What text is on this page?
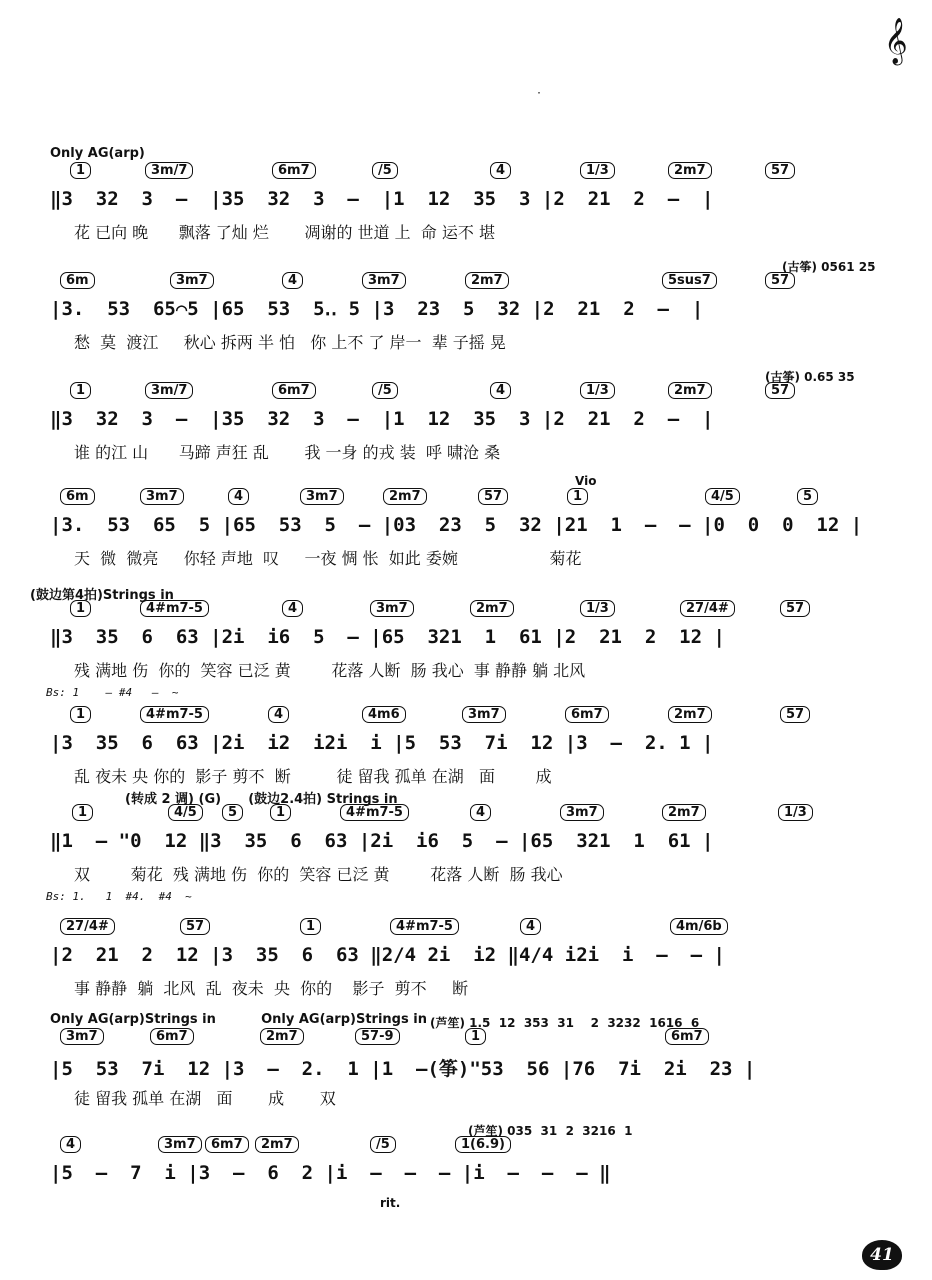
𝄞
·
41
Only AG(arp)
1	3m/7	6m7	/5	4	1/3	2m7	57
‖3  32  3  –  |35  32  3  –  |1  12  35  3 |2  21  2  –  |
花 已向 晚      飘落 了灿 烂       凋谢的 世道 上  命 运不 堪
6m	3m7	4	3m7	2m7	5sus7	57
(古筝) 0561 25
|3.  53  65⌒5 |65  53  5‥ 5 |3  23  5  32 |2  21  2  –  |
愁  莫  渡江     秋心 拆两 半 怕   你 上不 了 岸一  辈 子摇 晃
1	3m/7	6m7	/5	4	1/3	2m7	57
(古筝) 0.65 35
‖3  32  3  –  |35  32  3  –  |1  12  35  3 |2  21  2  –  |
谁 的江 山      马蹄 声狂 乱       我 一身 的戎 装  呼 啸沧 桑
6m	3m7	4	3m7	2m7	57	1	4/5	5
Vio
|3.  53  65  5 |65  53  5  – |03  23  5  32 |21  1  –  – |0  0  0  12 |
天  微  微亮     你轻 声地  叹     一夜 惆 怅  如此 委婉                  菊花
(鼓边第4拍)Strings in
1	4#m7-5	4	3m7	2m7	1/3	27/4#	57
‖3  35  6  63 |2i  i6  5  – |65  321  1  61 |2  21  2  12 |
残 满地 伤  你的  笑容 已泛 黄        花落 人断  肠 我心  事 静静 躺 北风
Bs: 1    – #4   –  ~
1	4#m7-5	4	4m6	3m7	6m7	2m7	57
|3  35  6  63 |2i  i2  i2i  i |5  53  7i  12 |3  –  2. 1 |
乱 夜未 央 你的  影子 剪不  断         徒 留我 孤单 在湖   面        成
(转成 2 调) (G)      (鼓边2.4拍) Strings in
1	4/5	5	1	4#m7-5	4	3m7	2m7	1/3
‖1  – "0  12 ‖3  35  6  63 |2i  i6  5  – |65  321  1  61 |
双        菊花  残 满地 伤  你的  笑容 已泛 黄        花落 人断  肠 我心
Bs: 1.   1  #4.  #4  ~
27/4#	57	1	4#m7-5	4	4m/6b
|2  21  2  12 |3  35  6  63 ‖2/4 2i  i2 ‖4/4 i2i  i  –  – |
事 静静  躺  北风  乱  夜未  央  你的    影子  剪不     断
Only AG(arp)Strings in          Only AG(arp)Strings in
3m7	6m7	2m7	57-9	1	6m7
(芦笙) 1.5  12  353  31    2  3232  1616  6
|5  53  7i  12 |3  –  2.  1 |1  –(筝)"53  56 |76  7i  2i  23 |
徒 留我 孤单 在湖   面       成       双
4	3m7	6m7	2m7	/5	1(6.9)
(芦笙) 035  31  2  3216  1
|5  –  7  i |3  –  6  2 |i  –  –  – |i  –  –  – ‖
rit.
